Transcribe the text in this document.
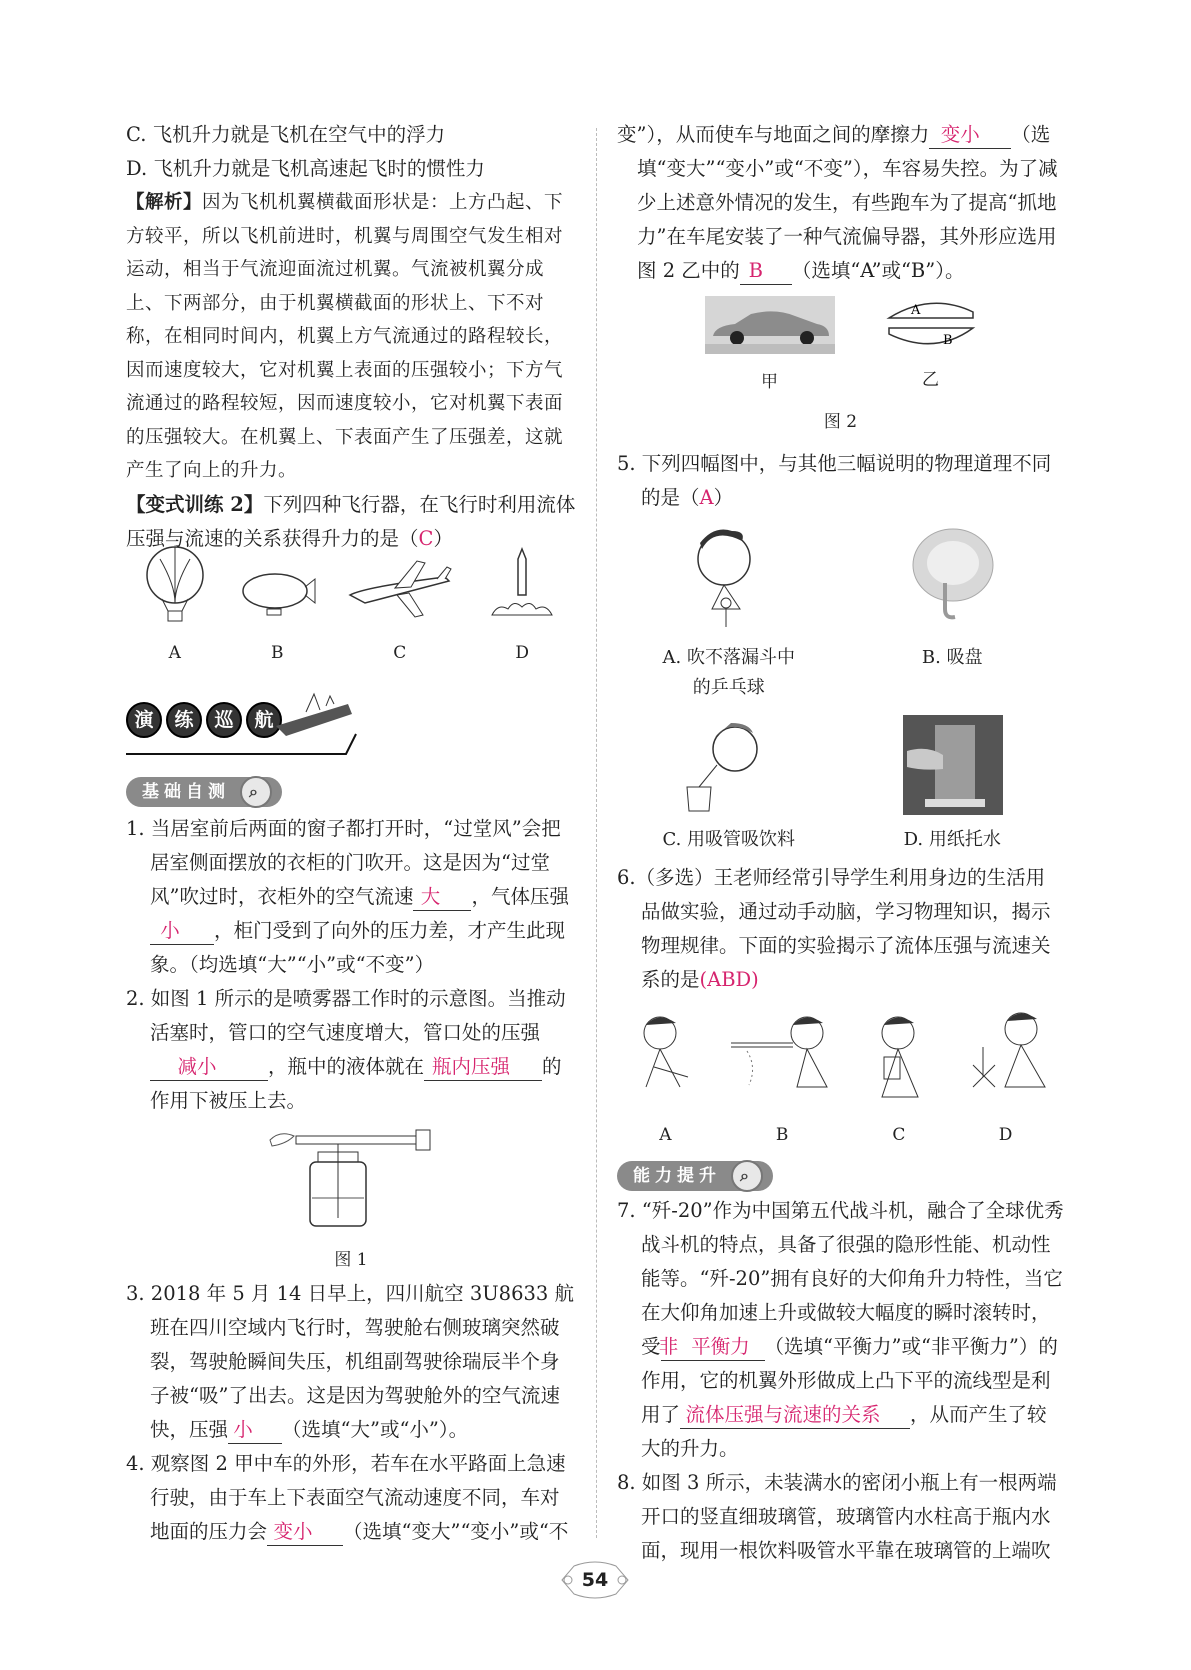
C. 飞机升力就是飞机在空气中的浮力

D. 飞机升力就是飞机高速起飞时的惯性力

【解析】因为飞机机翼横截面形状是：上方凸起、下方较平，所以飞机前进时，机翼与周围空气发生相对运动，相当于气流迎面流过机翼。气流被机翼分成上、下两部分，由于机翼横截面的形状上、下不对称，在相同时间内，机翼上方气流通过的路程较长，因而速度较大，它对机翼上表面的压强较小；下方气流通过的路程较短，因而速度较小，它对机翼下表面的压强较大。在机翼上、下表面产生了压强差，这就产生了向上的升力。

【变式训练 2】下列四种飞行器，在飞行时利用流体压强与流速的关系获得升力的是（C）

A	B	C	D
演 练 巡 航
基础自测	⌕

1. 当居室前后两面的窗子都打开时，“过堂风”会把居室侧面摆放的衣柜的门吹开。这是因为“过堂风”吹过时，衣柜外的空气流速 大 ，气体压强小 ，柜门受到了向外的压力差，才产生此现象。（均选填“大”“小”或“不变”）

2. 如图 1 所示的是喷雾器工作时的示意图。当推动活塞时，管口的空气速度增大，管口处的压强减小	，瓶中的液体就在 瓶内压强 的作用下被压上去。

图 1

3. 2018 年 5 月 14 日早上，四川航空 3U8633 航班在四川空域内飞行时，驾驶舱右侧玻璃突然破裂，驾驶舱瞬间失压，机组副驾驶徐瑞辰半个身子被“吸”了出去。这是因为驾驶舱外的空气流速快，压强 小 （选填“大”或“小”）。

4. 观察图 2 甲中车的外形，若车在水平路面上急速行驶，由于车上下表面空气流动速度不同，车对地面的压力会 变小 （选填“变大”“变小”或“不

变”），从而使车与地面之间的摩擦力 变小 （选填“变大”“变小”或“不变”），车容易失控。为了减少上述意外情况的发生，有些跑车为了提高“抓地力”在车尾安装了一种气流偏导器，其外形应选用图 2 乙中的 B （选填“A”或“B”）。

甲
A
B
乙
图 2

5. 下列四幅图中，与其他三幅说明的物理道理不同的是（A）

A. 吹不落漏斗中
的乒乓球
B. 吸盘
C. 用吸管吸饮料	D. 用纸托水

6.（多选）王老师经常引导学生利用身边的生活用品做实验，通过动手动脑，学习物理知识，揭示物理规律。下面的实验揭示了流体压强与流速关系的是(ABD)

A	B	C	D
能力提升	⌕

7. “歼-20”作为中国第五代战斗机，融合了全球优秀战斗机的特点，具备了很强的隐形性能、机动性能等。“歼-20”拥有良好的大仰角升力特性，当它在大仰角加速上升或做较大幅度的瞬时滚转时，受非 平衡力 （选填“平衡力”或“非平衡力”）的作用，它的机翼外形做成上凸下平的流线型是利用了 流体压强与流速的关系 ，从而产生了较大的升力。

8. 如图 3 所示，未装满水的密闭小瓶上有一根两端开口的竖直细玻璃管，玻璃管内水柱高于瓶内水面，现用一根饮料吸管水平靠在玻璃管的上端吹

54
